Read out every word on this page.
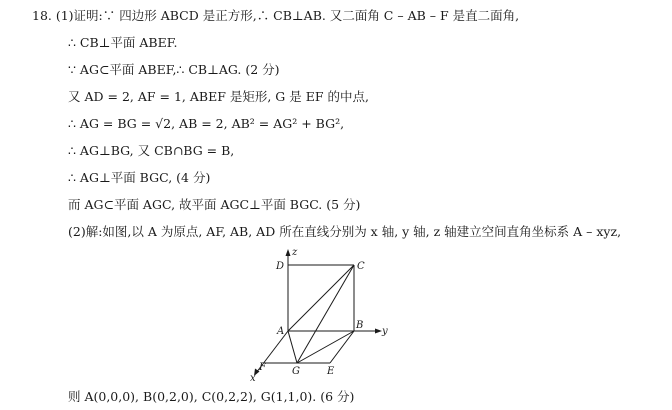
18. (1)证明:∵ 四边形 ABCD 是正方形,∴ CB⊥AB. 又二面角 C – AB – F 是直二面角,
∴ CB⊥平面 ABEF.
∵ AG⊂平面 ABEF,∴ CB⊥AG. (2 分)
又 AD = 2, AF = 1, ABEF 是矩形, G 是 EF 的中点,
∴ AG = BG = √2, AB = 2, AB² = AG² + BG²,
∴ AG⊥BG, 又 CB∩BG = B,
∴ AG⊥平面 BGC, (4 分)
而 AG⊂平面 AGC, 故平面 AGC⊥平面 BGC. (5 分)
(2)解:如图,以 A 为原点, AF, AB, AD 所在直线分别为 x 轴, y 轴, z 轴建立空间直角坐标系 A – xyz,
z
D	C
A
B
y
F	G	E
x
则 A(0,0,0), B(0,2,0), C(0,2,2), G(1,1,0). (6 分)
